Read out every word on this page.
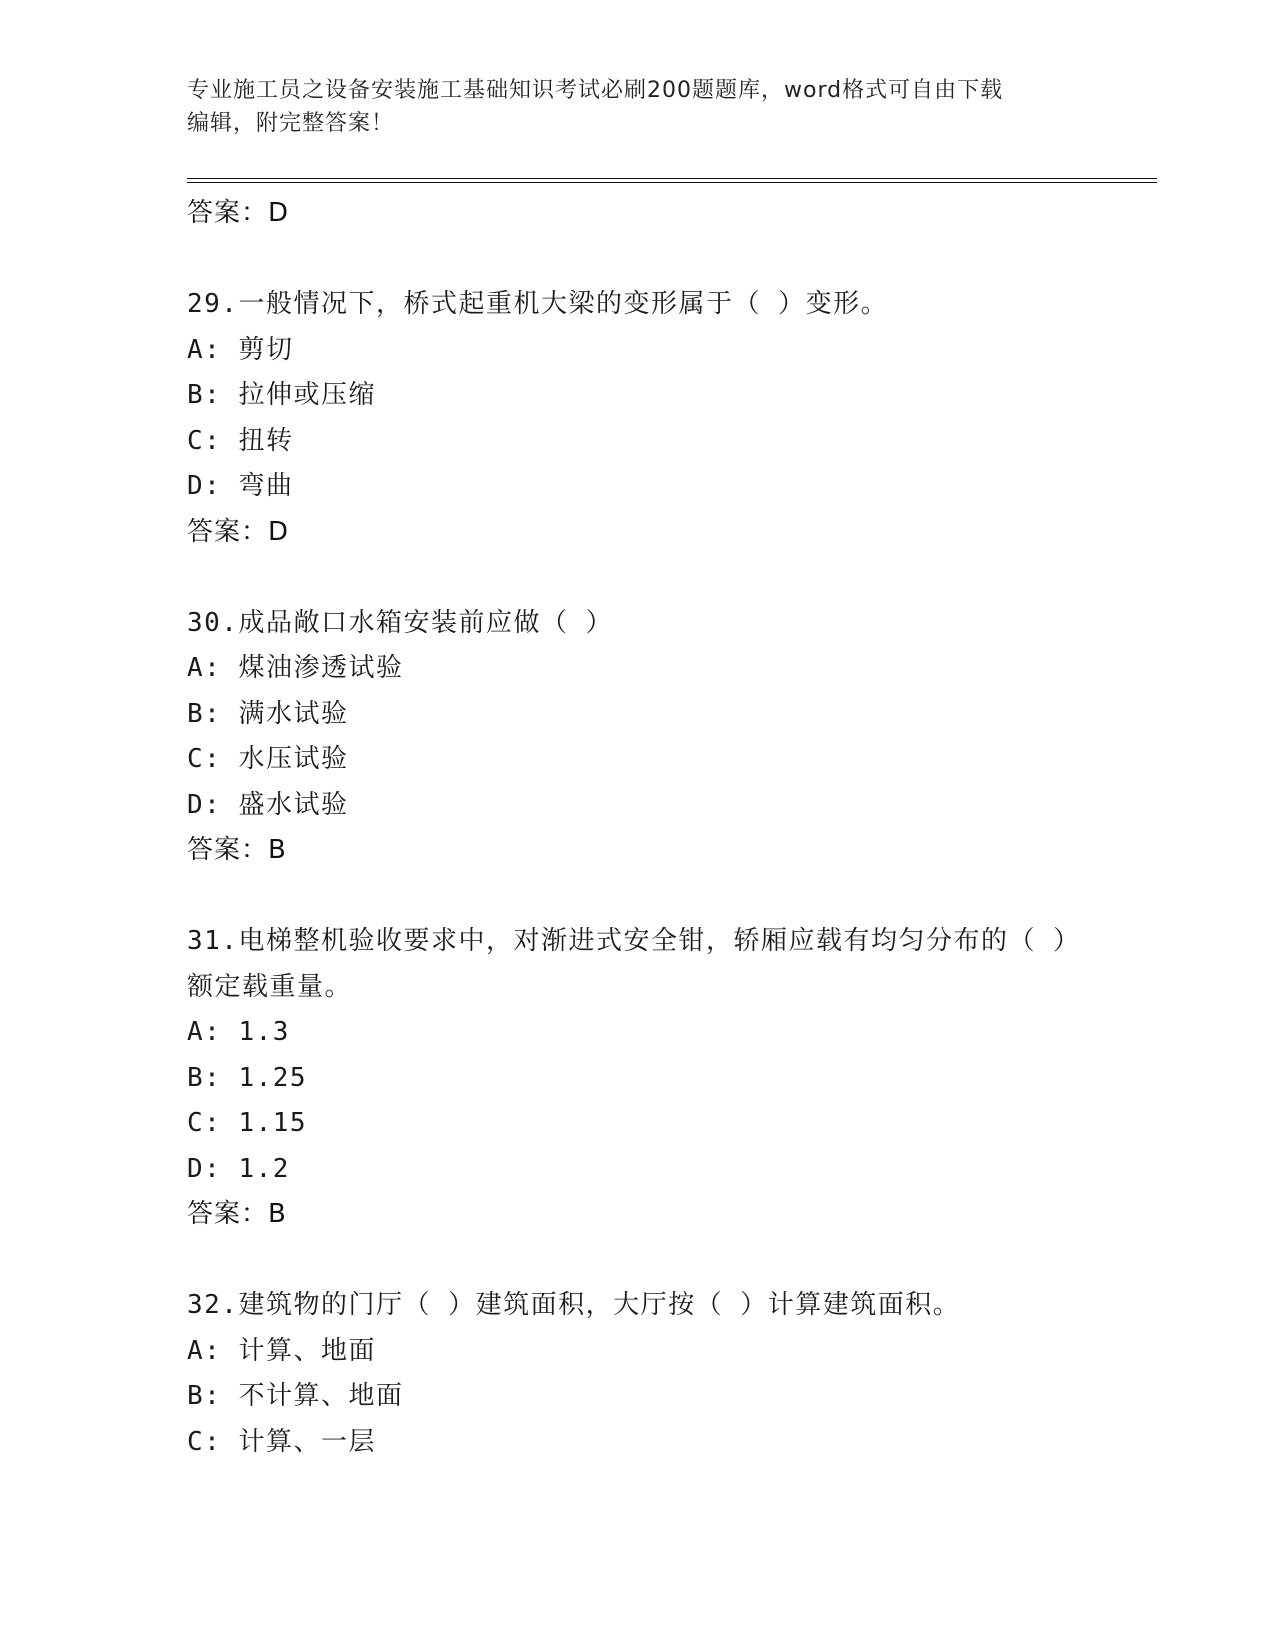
专业施工员之设备安装施工基础知识考试必刷200题题库，word格式可自由下载
编辑，附完整答案！
答案：D
29.一般情况下，桥式起重机大梁的变形属于（ ）变形。
A: 剪切
B: 拉伸或压缩
C: 扭转
D: 弯曲
答案：D
30.成品敞口水箱安装前应做（ ）
A: 煤油渗透试验
B: 满水试验
C: 水压试验
D: 盛水试验
答案：B
31.电梯整机验收要求中，对渐进式安全钳，轿厢应载有均匀分布的（ ）额定载重量。
A: 1.3
B: 1.25
C: 1.15
D: 1.2
答案：B
32.建筑物的门厅（ ）建筑面积，大厅按（ ）计算建筑面积。
A: 计算、地面
B: 不计算、地面
C: 计算、一层
